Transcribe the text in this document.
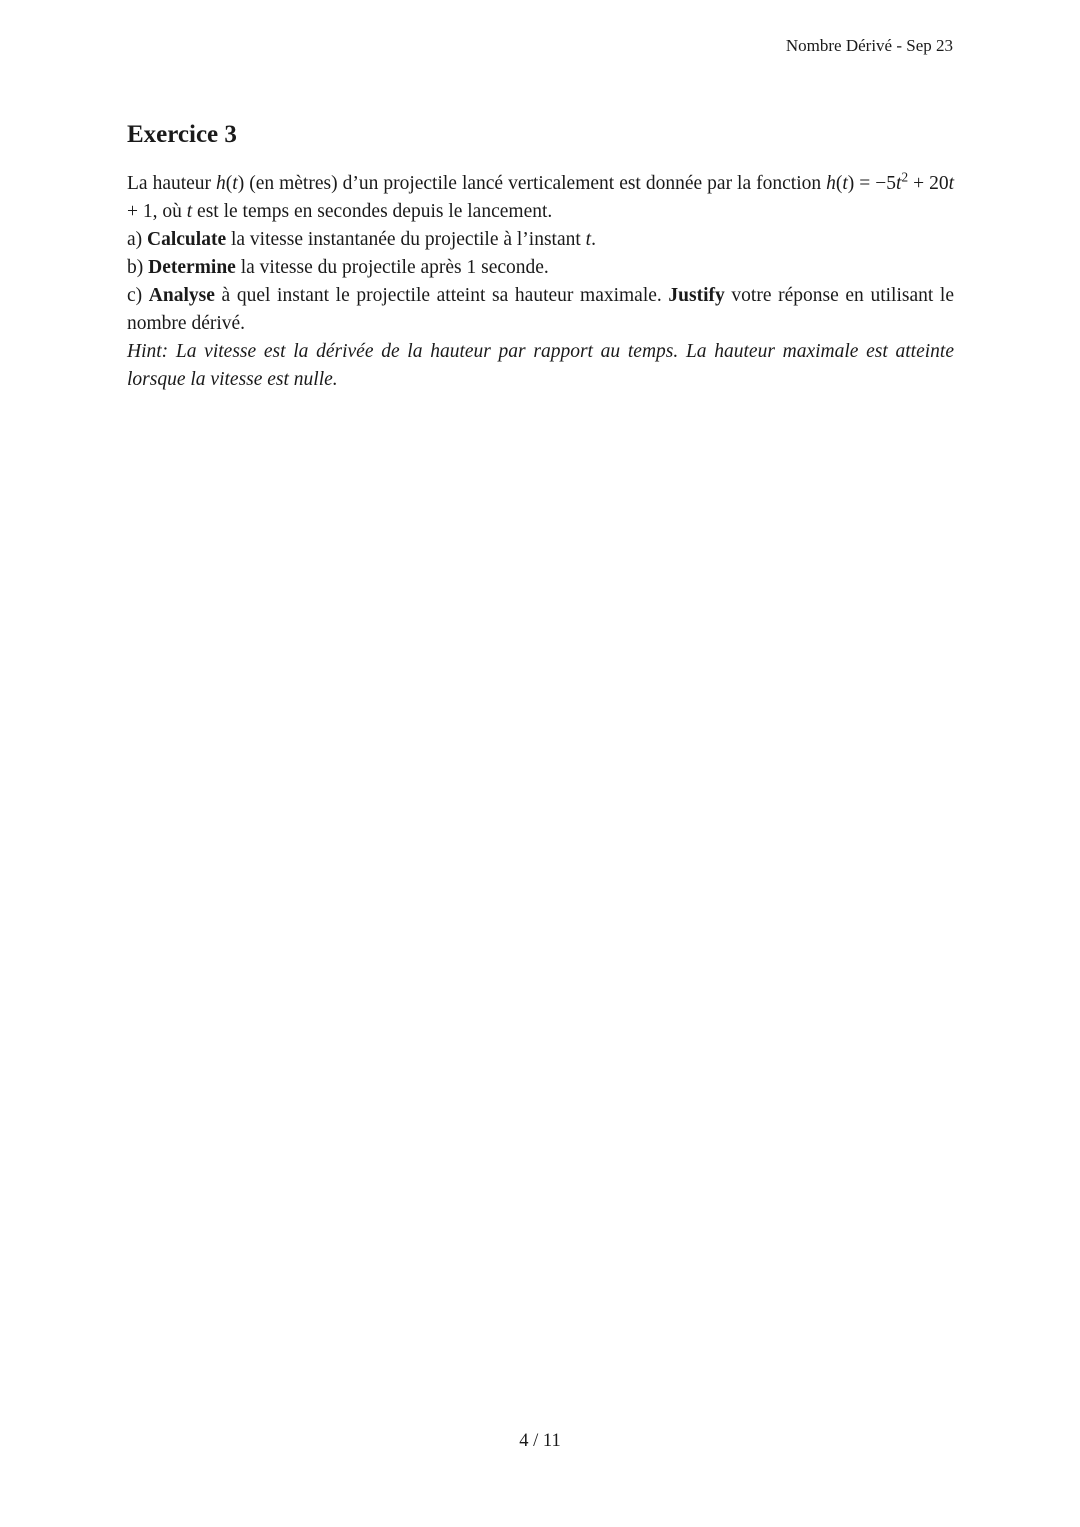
Nombre Dérivé - Sep 23
Exercice 3

La hauteur h(t) (en mètres) d’un projectile lancé verticalement est donnée par la fonction $h(t) = -5t^2 + 20t + 1$, où t est le temps en secondes depuis le lancement.

a) Calculate la vitesse instantanée du projectile à l’instant t.

b) Determine la vitesse du projectile après 1 seconde.

c) Analyse à quel instant le projectile atteint sa hauteur maximale. Justify votre réponse en utilisant le nombre dérivé.

Hint: La vitesse est la dérivée de la hauteur par rapport au temps. La hauteur maximale est atteinte lorsque la vitesse est nulle.

4 / 11
